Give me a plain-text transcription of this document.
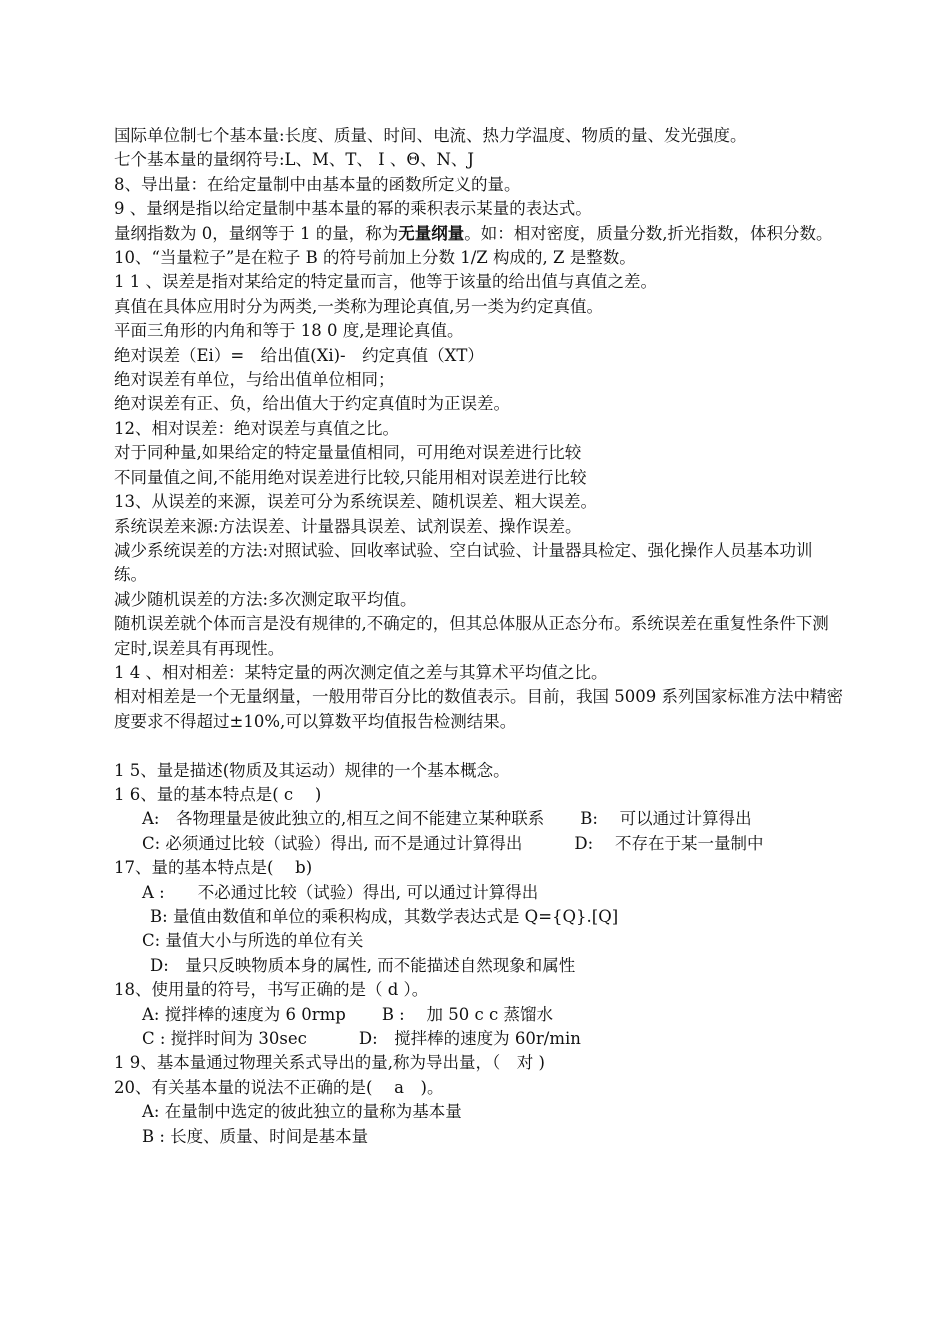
国际单位制七个基本量:长度、质量、时间、电流、热力学温度、物质的量、发光强度。
七个基本量的量纲符号:L、M、T、 I 、Θ、N、J
8、导出量：在给定量制中由基本量的函数所定义的量。
9 、量纲是指以给定量制中基本量的幂的乘积表示某量的表达式。
量纲指数为 0，量纲等于 1 的量，称为无量纲量。如：相对密度，质量分数,折光指数，体积分数。
10、“当量粒子”是在粒子 B 的符号前加上分数 1/Z 构成的, Z 是整数。
1 1 、误差是指对某给定的特定量而言，他等于该量的给出值与真值之差。
真值在具体应用时分为两类,一类称为理论真值,另一类为约定真值。
平面三角形的内角和等于 18 0 度,是理论真值。
绝对误差（Ei）=　给出值(Xi)-　约定真值（XT）
绝对误差有单位，与给出值单位相同；
绝对误差有正、负，给出值大于约定真值时为正误差。
12、相对误差：绝对误差与真值之比。
对于同种量,如果给定的特定量量值相同，可用绝对误差进行比较
不同量值之间,不能用绝对误差进行比较,只能用相对误差进行比较
13、从误差的来源，误差可分为系统误差、随机误差、粗大误差。
系统误差来源:方法误差、计量器具误差、试剂误差、操作误差。
减少系统误差的方法:对照试验、回收率试验、空白试验、计量器具检定、强化操作人员基本功训练。
减少随机误差的方法:多次测定取平均值。
随机误差就个体而言是没有规律的,不确定的，但其总体服从正态分布。系统误差在重复性条件下测定时,误差具有再现性。
1 4 、相对相差：某特定量的两次测定值之差与其算术平均值之比。
相对相差是一个无量纲量，一般用带百分比的数值表示。目前，我国 5009 系列国家标准方法中精密度要求不得超过±10%,可以算数平均值报告检测结果。
1 5、量是描述(物质及其运动）规律的一个基本概念。
1 6、量的基本特点是( c　 )
A:　各物理量是彼此独立的,相互之间不能建立某种联系 B:　 可以通过计算得出
C: 必须通过比较（试验）得出, 而不是通过计算得出	D:　 不存在于某一量制中
17、量的基本特点是(　 b)
A :　　不必通过比较（试验）得出, 可以通过计算得出
B: 量值由数值和单位的乘积构成，其数学表达式是 Q={Q}.[Q]
C: 量值大小与所选的单位有关
D:　量只反映物质本身的属性, 而不能描述自然现象和属性
18、使用量的符号，书写正确的是（ d ）。
A: 搅拌棒的速度为 6 0rmp B :　 加 50 c c 蒸馏水
C : 搅拌时间为 30sec	D:　搅拌棒的速度为 60r/min
1 9、基本量通过物理关系式导出的量,称为导出量，（　对 )
20、有关基本量的说法不正确的是(　 a　)。
A: 在量制中选定的彼此独立的量称为基本量
B : 长度、质量、时间是基本量
